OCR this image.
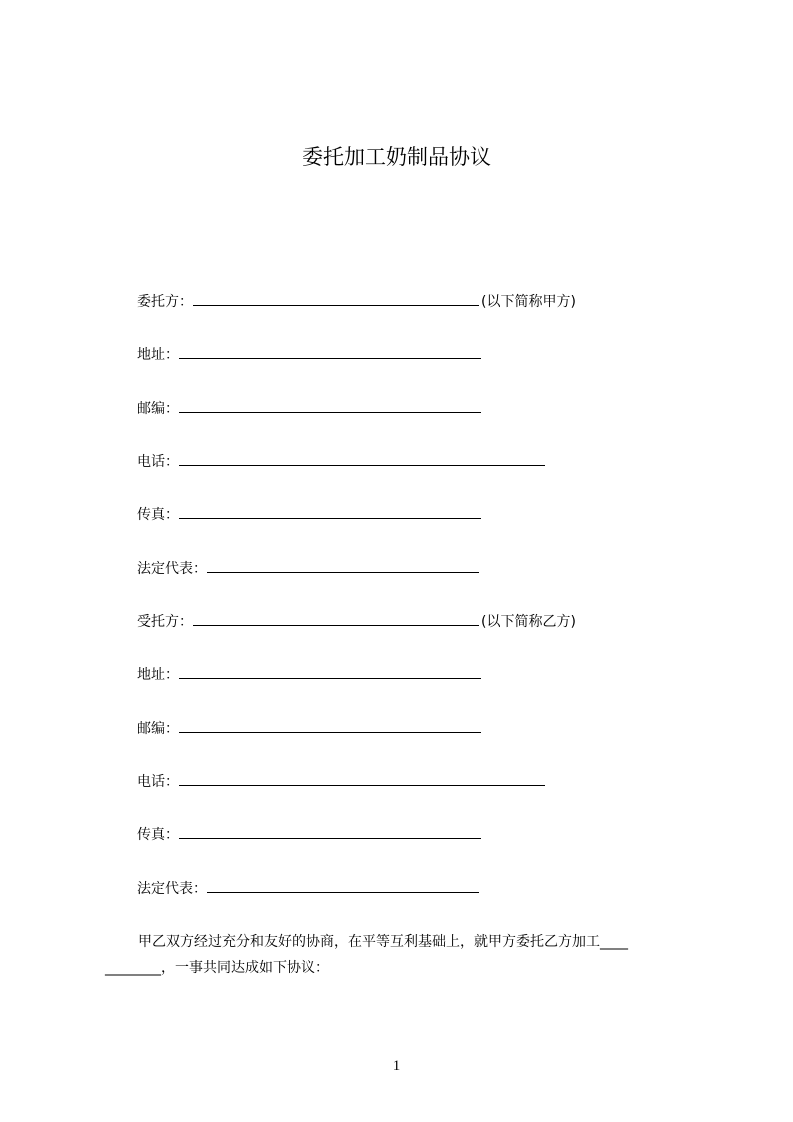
委托加工奶制品协议
委托方：	(以下简称甲方)
地址：
邮编：
电话：
传真：
法定代表：
受托方：	(以下简称乙方)
地址：
邮编：
电话：
传真：
法定代表：
甲乙双方经过充分和友好的协商，在平等互利基础上，就甲方委托乙方加工____
________，一事共同达成如下协议：
1
